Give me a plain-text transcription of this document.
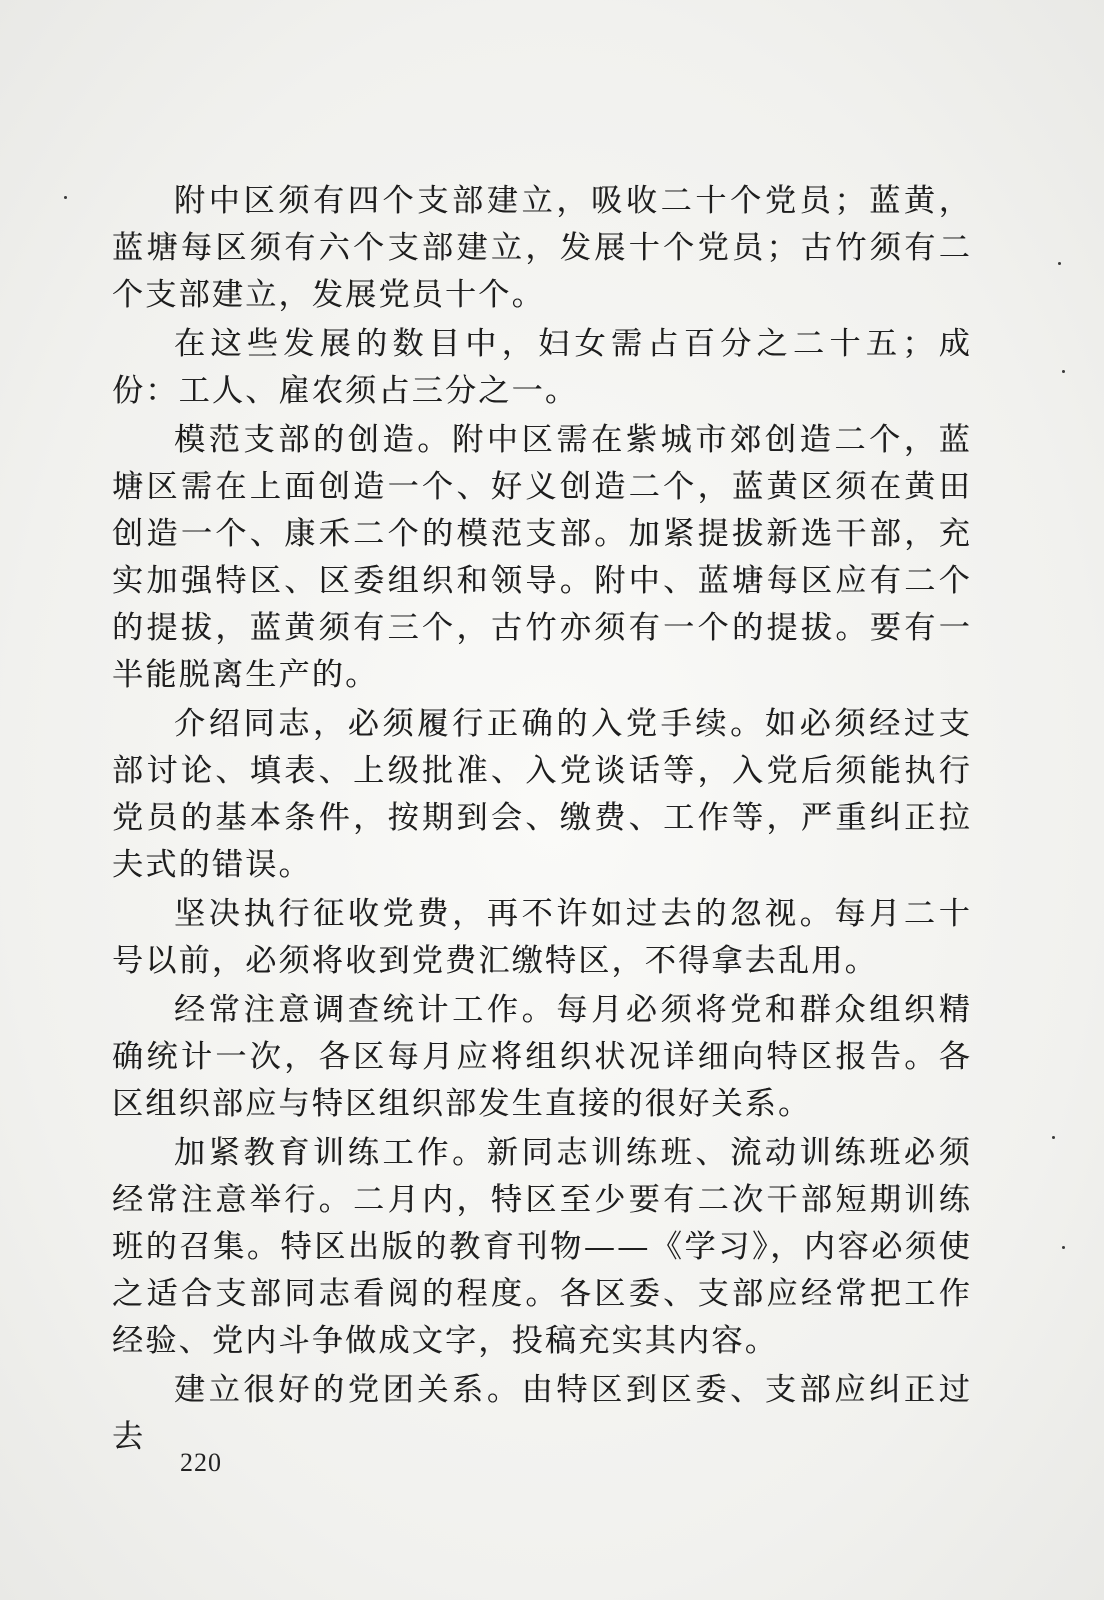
附中区须有四个支部建立，吸收二十个党员；蓝黄，蓝塘每区须有六个支部建立，发展十个党员；古竹须有二个支部建立，发展党员十个。

在这些发展的数目中，妇女需占百分之二十五；成份：工人、雇农须占三分之一。

模范支部的创造。附中区需在紫城市郊创造二个，蓝塘区需在上面创造一个、好义创造二个，蓝黄区须在黄田创造一个、康禾二个的模范支部。加紧提拔新选干部，充实加强特区、区委组织和领导。附中、蓝塘每区应有二个的提拔，蓝黄须有三个，古竹亦须有一个的提拔。要有一半能脱离生产的。

介绍同志，必须履行正确的入党手续。如必须经过支部讨论、填表、上级批准、入党谈话等，入党后须能执行党员的基本条件，按期到会、缴费、工作等，严重纠正拉夫式的错误。

坚决执行征收党费，再不许如过去的忽视。每月二十号以前，必须将收到党费汇缴特区，不得拿去乱用。

经常注意调查统计工作。每月必须将党和群众组织精确统计一次，各区每月应将组织状况详细向特区报告。各区组织部应与特区组织部发生直接的很好关系。

加紧教育训练工作。新同志训练班、流动训练班必须经常注意举行。二月内，特区至少要有二次干部短期训练班的召集。特区出版的教育刊物——《学习》，内容必须使之适合支部同志看阅的程度。各区委、支部应经常把工作经验、党内斗争做成文字，投稿充实其内容。

建立很好的党团关系。由特区到区委、支部应纠正过去

220
